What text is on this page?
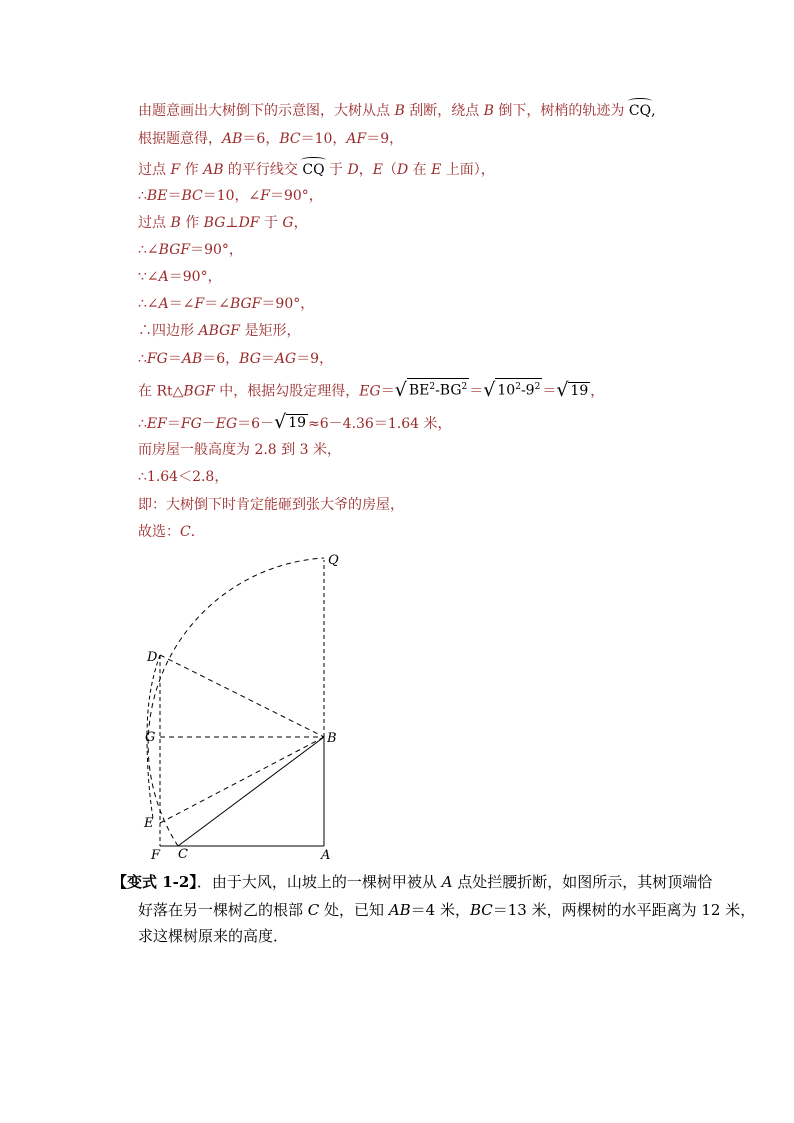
由题意画出大树倒下的示意图，大树从点 B 刮断，绕点 B 倒下，树梢的轨迹为 CQ,
根据题意得，AB＝6，BC＝10，AF＝9，
过点 F 作 AB 的平行线交 CQ 于 D，E（D 在 E 上面），
∴BE＝BC＝10，∠F＝90°，
过点 B 作 BG⊥DF 于 G，
∴∠BGF＝90°，
∵∠A＝90°，
∴∠A＝∠F＝∠BGF＝90°，
∴四边形 ABGF 是矩形，
∴FG＝AB＝6，BG＝AG＝9，
在 Rt△BGF 中，根据勾股定理得，EG＝ √ $BE^2-BG^2$ ＝ √ $10^2-9^2$ ＝ √ 19 ，
∴EF＝FG－EG＝6－ √ 19 ≈6－4.36＝1.64 米，
而房屋一般高度为 2.8 到 3 米，
∴1.64＜2.8，
即：大树倒下时肯定能砸到张大爷的房屋，
故选：C．
Q
D
G	B
E
F C	A
【变式 1-2】．由于大风，山坡上的一棵树甲被从 A 点处拦腰折断，如图所示，其树顶端恰
好落在另一棵树乙的根部 C 处，已知 AB＝4 米，BC＝13 米，两棵树的水平距离为 12 米，
求这棵树原来的高度．
